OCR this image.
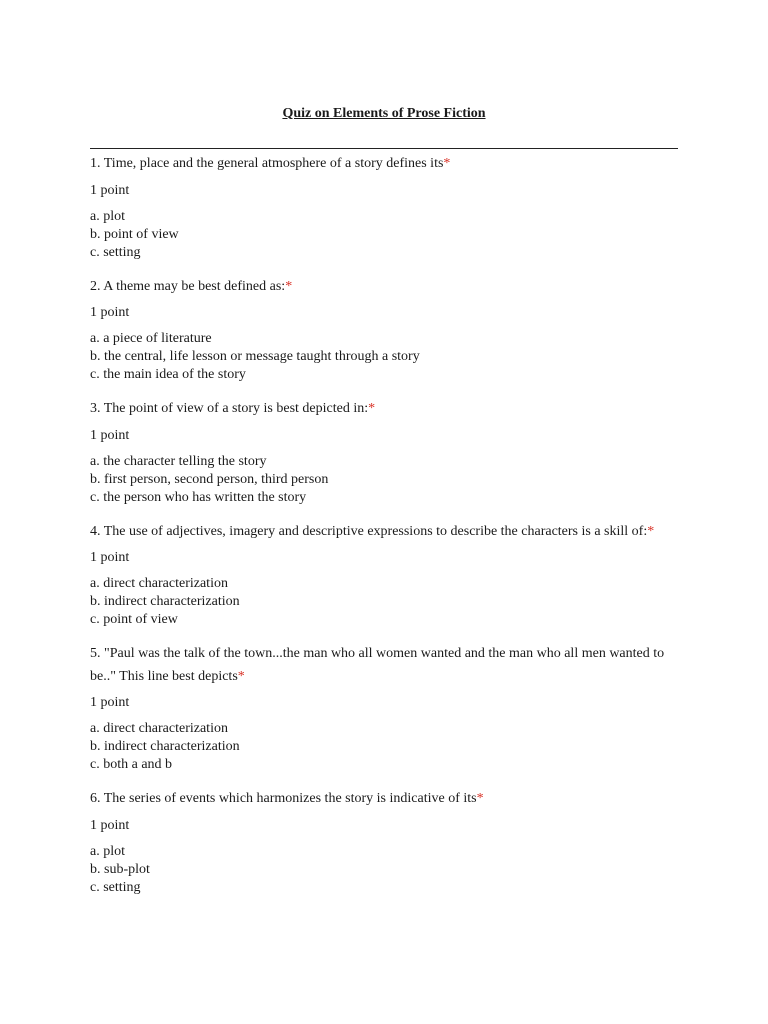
Quiz on Elements of Prose Fiction

1. Time, place and the general atmosphere of a story defines its*

1 point
a. plot
b. point of view
c. setting

2. A theme may be best defined as:*

1 point
a. a piece of literature
b. the central, life lesson or message taught through a story
c. the main idea of the story

3. The point of view of a story is best depicted in:*

1 point
a. the character telling the story
b. first person, second person, third person
c. the person who has written the story

4. The use of adjectives, imagery and descriptive expressions to describe the characters is a skill of:*

1 point
a. direct characterization
b. indirect characterization
c. point of view

5. "Paul was the talk of the town...the man who all women wanted and the man who all men wanted to be.." This line best depicts*

1 point
a. direct characterization
b. indirect characterization
c. both a and b

6. The series of events which harmonizes the story is indicative of its*

1 point
a. plot
b. sub-plot
c. setting
